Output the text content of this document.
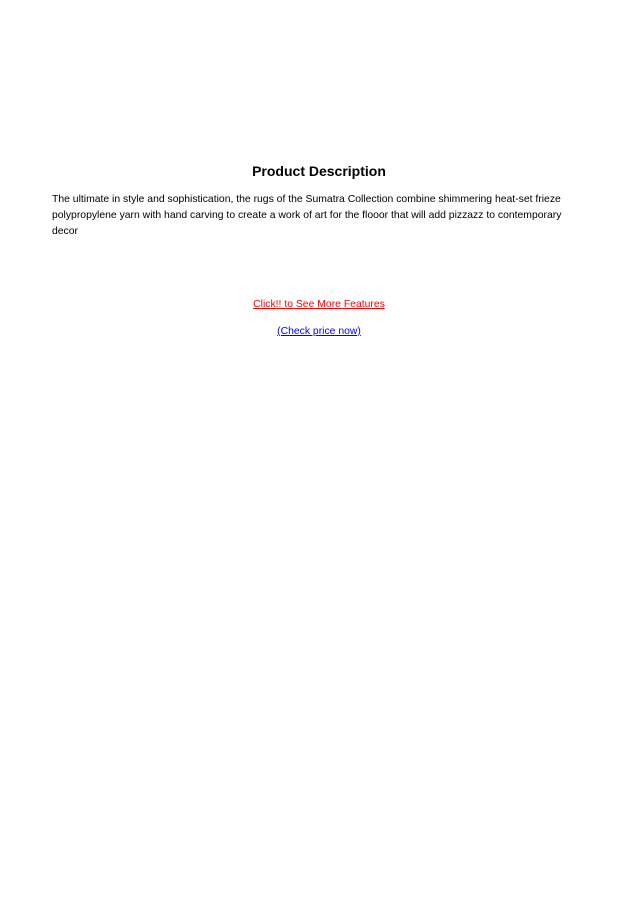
Product Description

The ultimate in style and sophistication, the rugs of the Sumatra Collection combine shimmering heat-set frieze polypropylene yarn with hand carving to create a work of art for the flooor that will add pizzazz to contemporary decor

Click!! to See More Features
(Check price now)
